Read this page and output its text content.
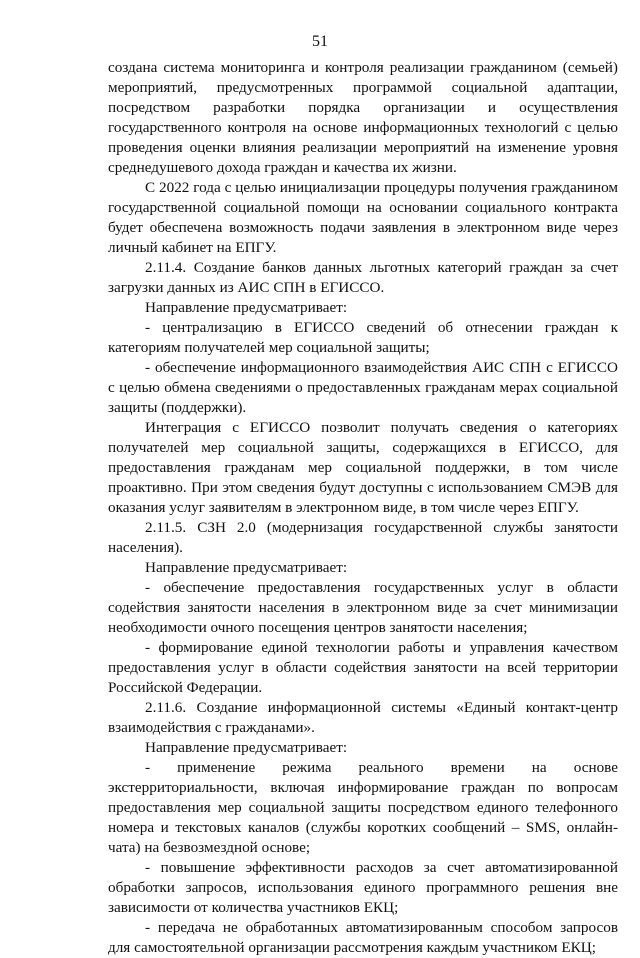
51

создана система мониторинга и контроля реализации гражданином (семьей) мероприятий, предусмотренных программой социальной адаптации, посредством разработки порядка организации и осуществления государственного контроля на основе информационных технологий с целью проведения оценки влияния реализации мероприятий на изменение уровня среднедушевого дохода граждан и качества их жизни.

С 2022 года с целью инициализации процедуры получения гражданином государственной социальной помощи на основании социального контракта будет обеспечена возможность подачи заявления в электронном виде через личный кабинет на ЕПГУ.

2.11.4. Создание банков данных льготных категорий граждан за счет загрузки данных из АИС СПН в ЕГИССО.

Направление предусматривает:

- централизацию в ЕГИССО сведений об отнесении граждан к категориям получателей мер социальной защиты;

- обеспечение информационного взаимодействия АИС СПН с ЕГИССО с целью обмена сведениями о предоставленных гражданам мерах социальной защиты (поддержки).

Интеграция с ЕГИССО позволит получать сведения о категориях получателей мер социальной защиты, содержащихся в ЕГИССО, для предоставления гражданам мер социальной поддержки, в том числе проактивно. При этом сведения будут доступны с использованием СМЭВ для оказания услуг заявителям в электронном виде, в том числе через ЕПГУ.

2.11.5. СЗН 2.0 (модернизация государственной службы занятости населения).

Направление предусматривает:

- обеспечение предоставления государственных услуг в области содействия занятости населения в электронном виде за счет минимизации необходимости очного посещения центров занятости населения;

- формирование единой технологии работы и управления качеством предоставления услуг в области содействия занятости на всей территории Российской Федерации.

2.11.6. Создание информационной системы «Единый контакт-центр взаимодействия с гражданами».

Направление предусматривает:

- применение режима реального времени на основе экстерриториальности, включая информирование граждан по вопросам предоставления мер социальной защиты посредством единого телефонного номера и текстовых каналов (службы коротких сообщений – SMS, онлайн-чата) на безвозмездной основе;

- повышение эффективности расходов за счет автоматизированной обработки запросов, использования единого программного решения вне зависимости от количества участников ЕКЦ;

- передача не обработанных автоматизированным способом запросов для самостоятельной организации рассмотрения каждым участником ЕКЦ;
